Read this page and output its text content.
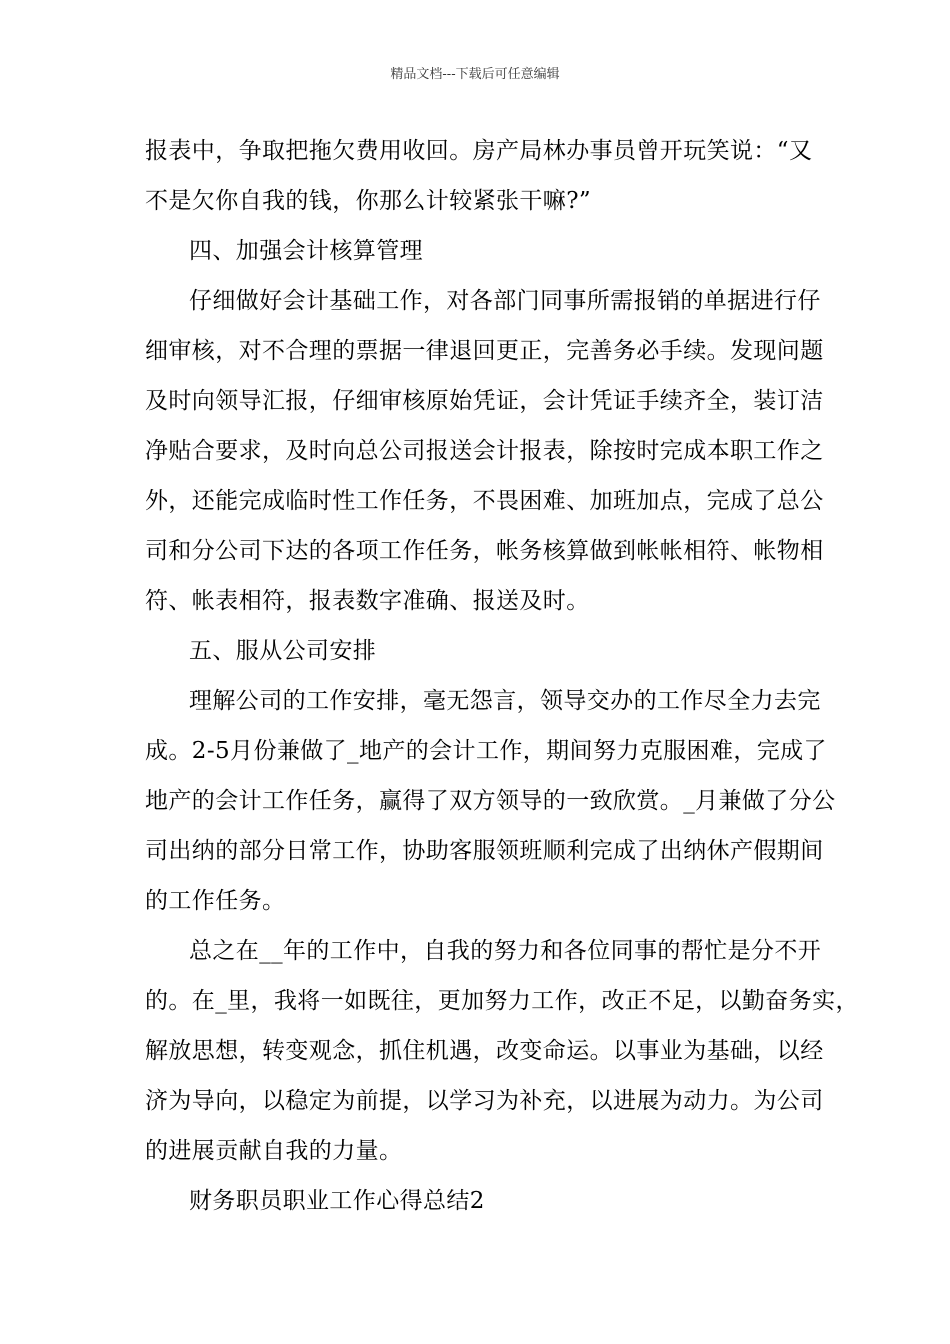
精品文档---下载后可任意编辑
报表中，争取把拖欠费用收回。房产局林办事员曾开玩笑说：“又
不是欠你自我的钱，你那么计较紧张干嘛?”
四、加强会计核算管理
仔细做好会计基础工作，对各部门同事所需报销的单据进行仔
细审核，对不合理的票据一律退回更正，完善务必手续。发现问题
及时向领导汇报，仔细审核原始凭证，会计凭证手续齐全，装订洁
净贴合要求，及时向总公司报送会计报表，除按时完成本职工作之
外，还能完成临时性工作任务，不畏困难、加班加点，完成了总公
司和分公司下达的各项工作任务，帐务核算做到帐帐相符、帐物相
符、帐表相符，报表数字准确、报送及时。
五、服从公司安排
理解公司的工作安排，毫无怨言，领导交办的工作尽全力去完
成。2-5月份兼做了_地产的会计工作，期间努力克服困难，完成了
地产的会计工作任务，赢得了双方领导的一致欣赏。_月兼做了分公
司出纳的部分日常工作，协助客服领班顺利完成了出纳休产假期间
的工作任务。
总之在__年的工作中，自我的努力和各位同事的帮忙是分不开
的。在_里，我将一如既往，更加努力工作，改正不足，以勤奋务实，
解放思想，转变观念，抓住机遇，改变命运。以事业为基础，以经
济为导向，以稳定为前提，以学习为补充，以进展为动力。为公司
的进展贡献自我的力量。
财务职员职业工作心得总结2
